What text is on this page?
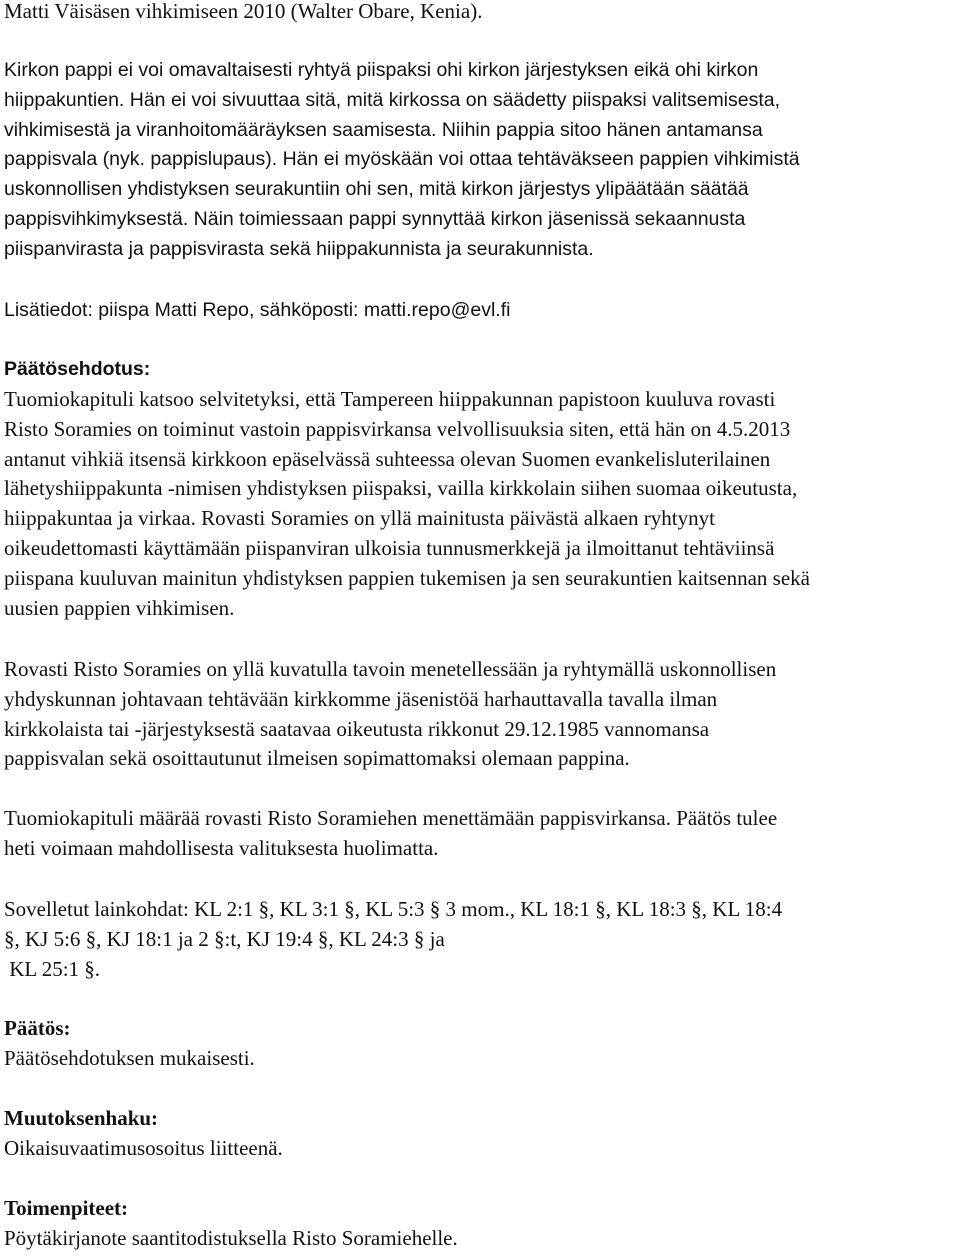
Matti Väisäsen vihkimiseen 2010 (Walter Obare, Kenia).

Kirkon pappi ei voi omavaltaisesti ryhtyä piispaksi ohi kirkon järjestyksen eikä ohi kirkon
hiippakuntien. Hän ei voi sivuuttaa sitä, mitä kirkossa on säädetty piispaksi valitsemisesta,
vihkimisestä ja viranhoitomääräyksen saamisesta. Niihin pappia sitoo hänen antamansa
pappisvala (nyk. pappislupaus). Hän ei myöskään voi ottaa tehtäväkseen pappien vihkimistä
uskonnollisen yhdistyksen seurakuntiin ohi sen, mitä kirkon järjestys ylipäätään säätää
pappisvihkimyksestä. Näin toimiessaan pappi synnyttää kirkon jäsenissä sekaannusta
piispanvirasta ja pappisvirasta sekä hiippakunnista ja seurakunnista.

Lisätiedot: piispa Matti Repo, sähköposti: matti.repo@evl.fi

Päätösehdotus:

Tuomiokapituli katsoo selvitetyksi, että Tampereen hiippakunnan papistoon kuuluva rovasti
Risto Soramies on toiminut vastoin pappisvirkansa velvollisuuksia siten, että hän on 4.5.2013
antanut vihkiä itsensä kirkkoon epäselvässä suhteessa olevan Suomen evankelisluterilainen
lähetyshiippakunta -nimisen yhdistyksen piispaksi, vailla kirkkolain siihen suomaa oikeutusta,
hiippakuntaa ja virkaa. Rovasti Soramies on yllä mainitusta päivästä alkaen ryhtynyt
oikeudettomasti käyttämään piispanviran ulkoisia tunnusmerkkejä ja ilmoittanut tehtäviinsä
piispana kuuluvan mainitun yhdistyksen pappien tukemisen ja sen seurakuntien kaitsennan sekä
uusien pappien vihkimisen.

Rovasti Risto Soramies on yllä kuvatulla tavoin menetellessään ja ryhtymällä uskonnollisen
yhdyskunnan johtavaan tehtävään kirkkomme jäsenistöä harhauttavalla tavalla ilman
kirkkolaista tai -järjestyksestä saatavaa oikeutusta rikkonut 29.12.1985 vannomansa
pappisvalan sekä osoittautunut ilmeisen sopimattomaksi olemaan pappina.

Tuomiokapituli määrää rovasti Risto Soramiehen menettämään pappisvirkansa. Päätös tulee
heti voimaan mahdollisesta valituksesta huolimatta.

Sovelletut lainkohdat: KL 2:1 §, KL 3:1 §, KL 5:3 § 3 mom., KL 18:1 §, KL 18:3 §, KL 18:4
§, KJ 5:6 §, KJ 18:1 ja 2 §:t, KJ 19:4 §, KL 24:3 § ja
KL 25:1 §.

Päätös:

Päätösehdotuksen mukaisesti.

Muutoksenhaku:

Oikaisuvaatimusosoitus liitteenä.

Toimenpiteet:

Pöytäkirjanote saantitodistuksella Risto Soramiehelle.
